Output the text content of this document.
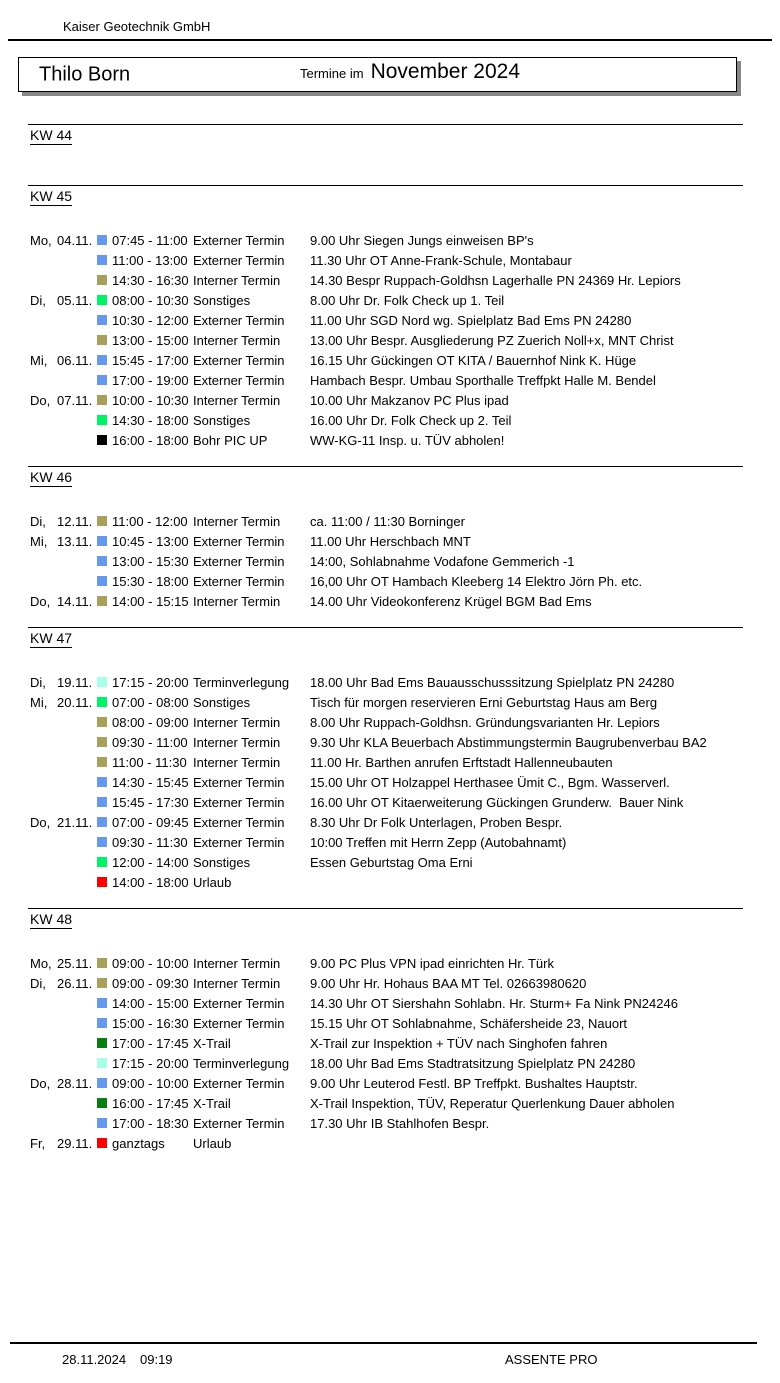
Kaiser Geotechnik GmbH
Thilo Born	Termine im November 2024
KW 44
KW 45
Mo, 04.11. 07:45 - 11:00 Externer Termin	9.00 Uhr Siegen Jungs einweisen BP's
11:00 - 13:00 Externer Termin	11.30 Uhr OT Anne-Frank-Schule, Montabaur
14:30 - 16:30 Interner Termin	14.30 Bespr Ruppach-Goldhsn Lagerhalle PN 24369 Hr. Lepiors
Di, 05.11. 08:00 - 10:30 Sonstiges	8.00 Uhr Dr. Folk Check up 1. Teil
10:30 - 12:00 Externer Termin	11.00 Uhr SGD Nord wg. Spielplatz Bad Ems PN 24280
13:00 - 15:00 Interner Termin	13.00 Uhr Bespr. Ausgliederung PZ Zuerich Noll+x, MNT Christ
Mi, 06.11. 15:45 - 17:00 Externer Termin	16.15 Uhr Gückingen OT KITA / Bauernhof Nink K. Hüge
17:00 - 19:00 Externer Termin	Hambach Bespr. Umbau Sporthalle Treffpkt Halle M. Bendel
Do, 07.11. 10:00 - 10:30 Interner Termin	10.00 Uhr Makzanov PC Plus ipad
14:30 - 18:00 Sonstiges	16.00 Uhr Dr. Folk Check up 2. Teil
16:00 - 18:00 Bohr PIC UP	WW-KG-11 Insp. u. TÜV abholen!
KW 46
Di, 12.11. 11:00 - 12:00 Interner Termin	ca. 11:00 / 11:30 Borninger
Mi, 13.11. 10:45 - 13:00 Externer Termin	11.00 Uhr Herschbach MNT
13:00 - 15:30 Externer Termin	14:00, Sohlabnahme Vodafone Gemmerich -1
15:30 - 18:00 Externer Termin	16,00 Uhr OT Hambach Kleeberg 14 Elektro Jörn Ph. etc.
Do, 14.11. 14:00 - 15:15 Interner Termin	14.00 Uhr Videokonferenz Krügel BGM Bad Ems
KW 47
Di, 19.11. 17:15 - 20:00 Terminverlegung	18.00 Uhr Bad Ems Bauausschusssitzung Spielplatz PN 24280
Mi, 20.11. 07:00 - 08:00 Sonstiges	Tisch für morgen reservieren Erni Geburtstag Haus am Berg
08:00 - 09:00 Interner Termin	8.00 Uhr Ruppach-Goldhsn. Gründungsvarianten Hr. Lepiors
09:30 - 11:00 Interner Termin	9.30 Uhr KLA Beuerbach Abstimmungstermin Baugrubenverbau BA2
11:00 - 11:30 Interner Termin	11.00 Hr. Barthen anrufen Erftstadt Hallenneubauten
14:30 - 15:45 Externer Termin	15.00 Uhr OT Holzappel Herthasee Ümit C., Bgm. Wasserverl.
15:45 - 17:30 Externer Termin	16.00 Uhr OT Kitaerweiterung Gückingen Grunderw.  Bauer Nink
Do, 21.11. 07:00 - 09:45 Externer Termin	8.30 Uhr Dr Folk Unterlagen, Proben Bespr.
09:30 - 11:30 Externer Termin	10:00 Treffen mit Herrn Zepp (Autobahnamt)
12:00 - 14:00 Sonstiges	Essen Geburtstag Oma Erni
14:00 - 18:00 Urlaub
KW 48
Mo, 25.11. 09:00 - 10:00 Interner Termin	9.00 PC Plus VPN ipad einrichten Hr. Türk
Di, 26.11. 09:00 - 09:30 Interner Termin	9.00 Uhr Hr. Hohaus BAA MT Tel. 02663980620
14:00 - 15:00 Externer Termin	14.30 Uhr OT Siershahn Sohlabn. Hr. Sturm+ Fa Nink PN24246
15:00 - 16:30 Externer Termin	15.15 Uhr OT Sohlabnahme, Schäfersheide 23, Nauort
17:00 - 17:45 X-Trail	X-Trail zur Inspektion + TÜV nach Singhofen fahren
17:15 - 20:00 Terminverlegung	18.00 Uhr Bad Ems Stadtratsitzung Spielplatz PN 24280
Do, 28.11. 09:00 - 10:00 Externer Termin	9.00 Uhr Leuterod Festl. BP Treffpkt. Bushaltes Hauptstr.
16:00 - 17:45 X-Trail	X-Trail Inspektion, TÜV, Reperatur Querlenkung Dauer abholen
17:00 - 18:30 Externer Termin	17.30 Uhr IB Stahlhofen Bespr.
Fr, 29.11. ganztags	Urlaub
28.11.2024 09:19	ASSENTE PRO
